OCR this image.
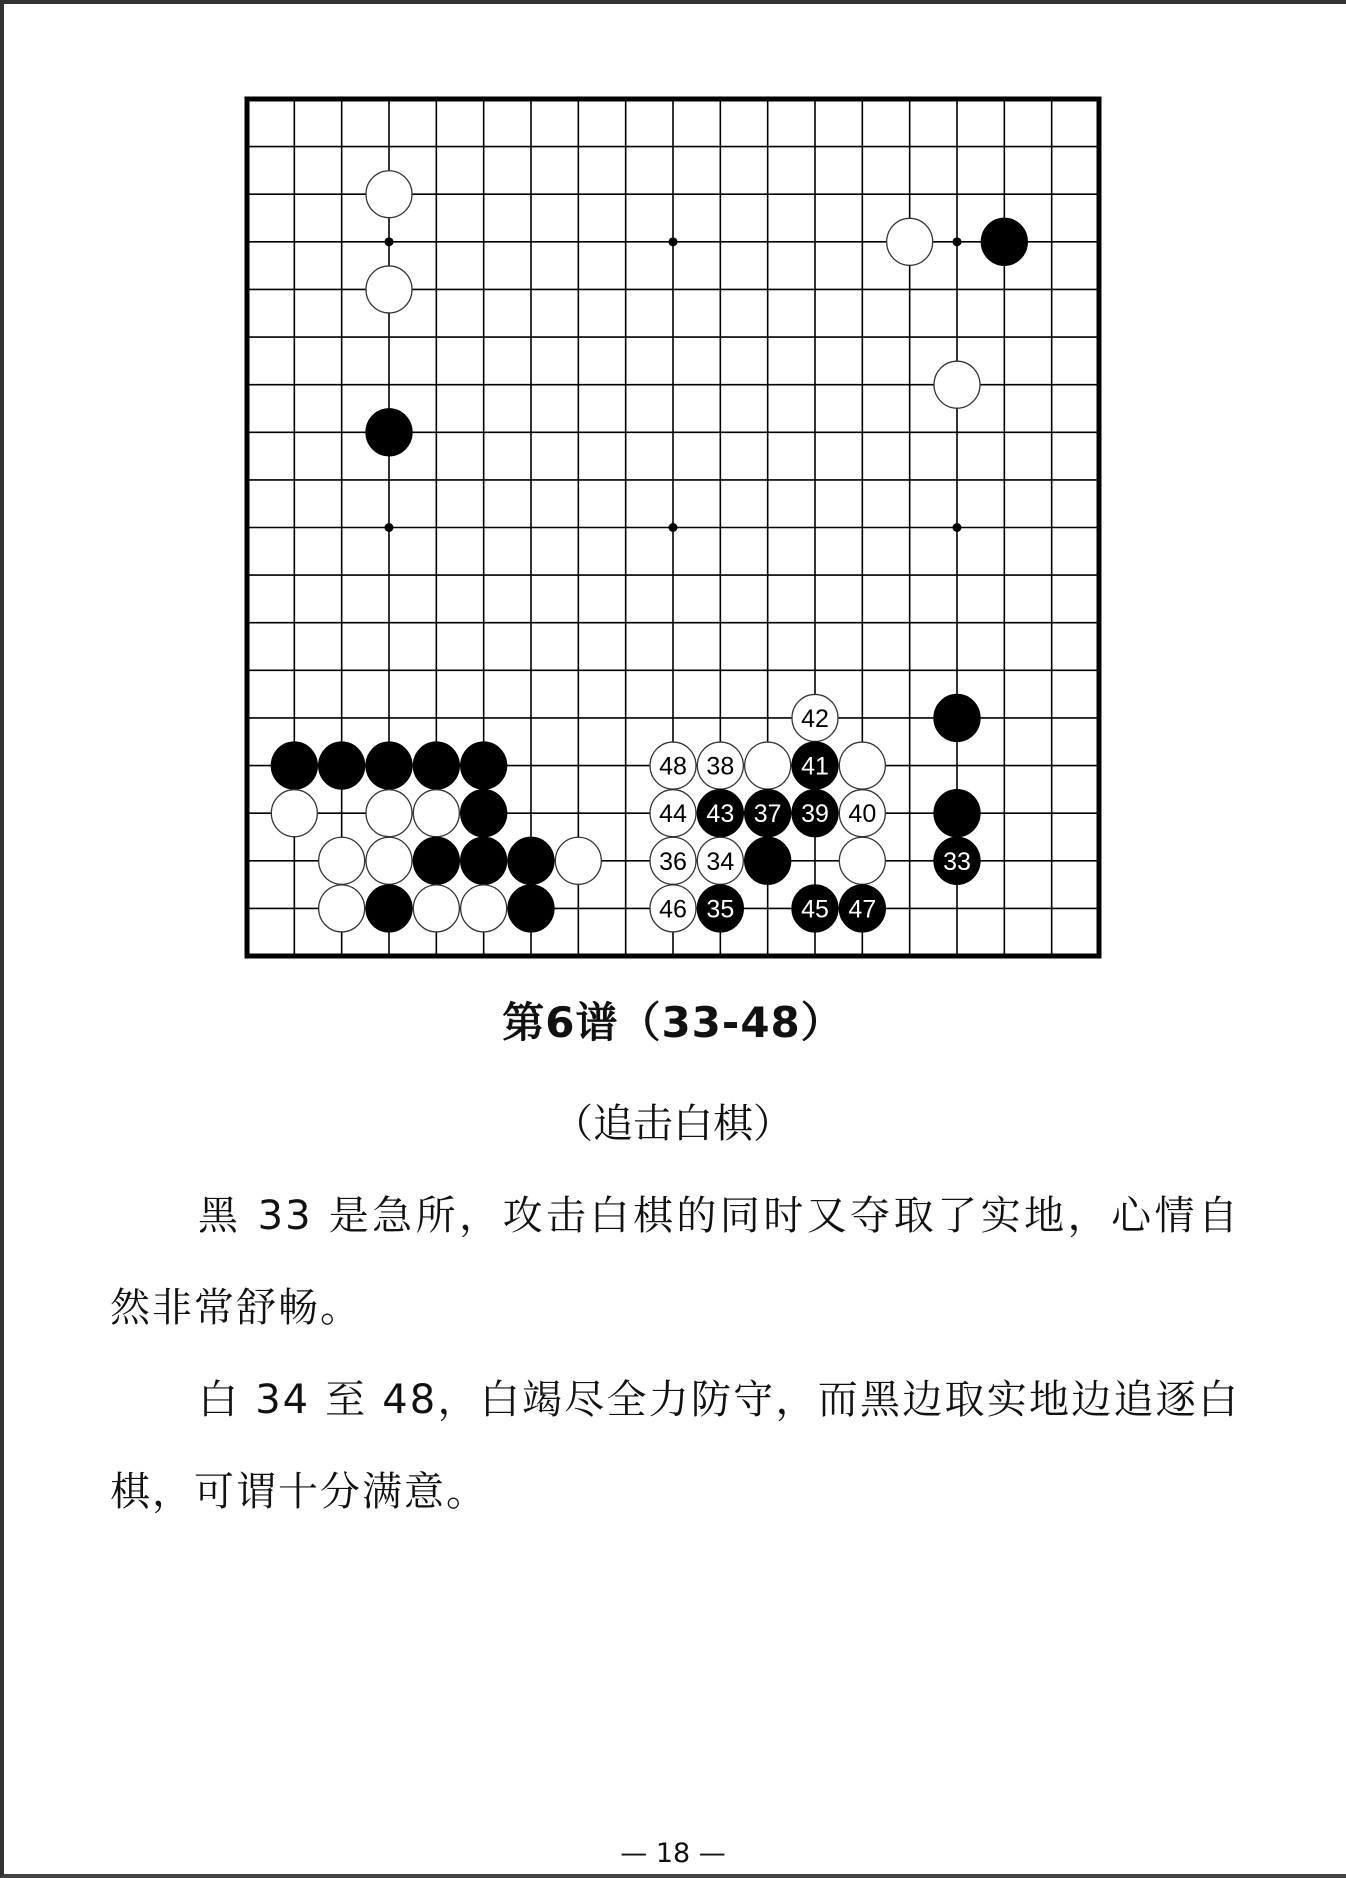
42
48 38	41
44 43 37 39 40
36 34	33
46 35	45 47
第6谱（33-48）
（追击白棋）

黑 33 是急所，攻击白棋的同时又夺取了实地，心情自然非常舒畅。

白 34 至 48，白竭尽全力防守，而黑边取实地边追逐白棋，可谓十分满意。

— 18 —
